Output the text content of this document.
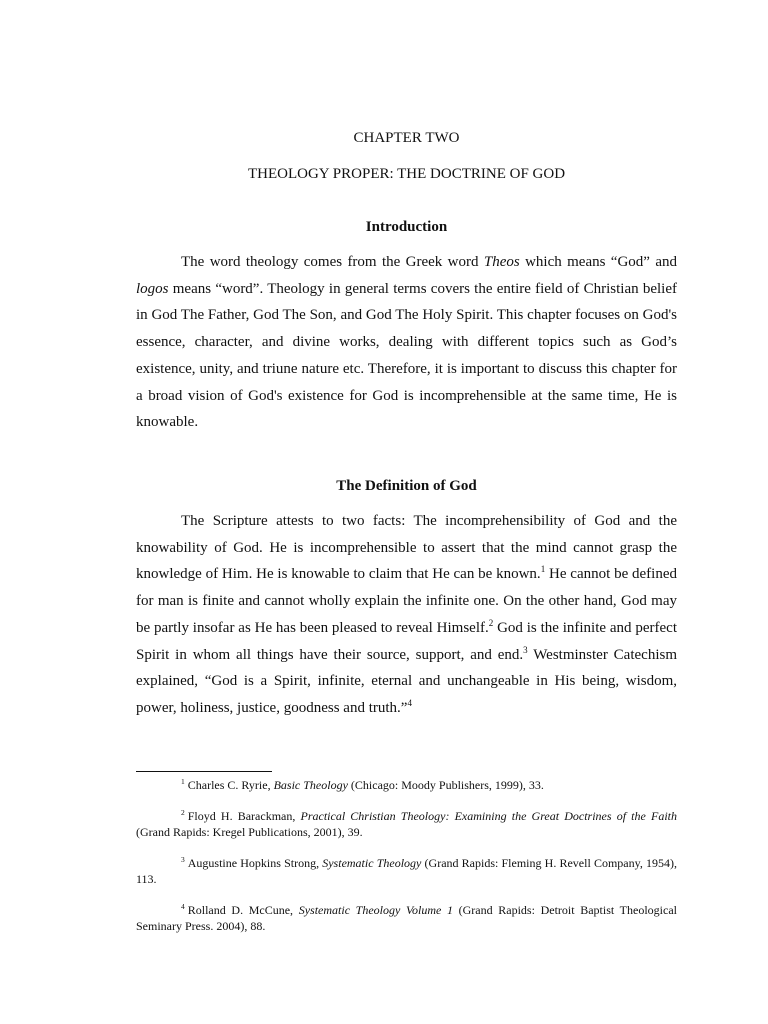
CHAPTER TWO
THEOLOGY PROPER: THE DOCTRINE OF GOD
Introduction

The word theology comes from the Greek word Theos which means “God” and logos means “word”. Theology in general terms covers the entire field of Christian belief in God The Father, God The Son, and God The Holy Spirit. This chapter focuses on God's essence, character, and divine works, dealing with different topics such as God’s existence, unity, and triune nature etc. Therefore, it is important to discuss this chapter for a broad vision of God's existence for God is incomprehensible at the same time, He is knowable.

The Definition of God

The Scripture attests to two facts: The incomprehensibility of God and the knowability of God. He is incomprehensible to assert that the mind cannot grasp the knowledge of Him. He is knowable to claim that He can be known.$^1$ He cannot be defined for man is finite and cannot wholly explain the infinite one. On the other hand, God may be partly insofar as He has been pleased to reveal Himself.$^2$ God is the infinite and perfect Spirit in whom all things have their source, support, and end.$^3$ Westminster Catechism explained, “God is a Spirit, infinite, eternal and unchangeable in His being, wisdom, power, holiness, justice, goodness and truth.”$^4$

$^1$ Charles C. Ryrie, Basic Theology (Chicago: Moody Publishers, 1999), 33.

$^2$ Floyd H. Barackman, Practical Christian Theology: Examining the Great Doctrines of the Faith (Grand Rapids: Kregel Publications, 2001), 39.

$^3$ Augustine Hopkins Strong, Systematic Theology (Grand Rapids: Fleming H. Revell Company, 1954), 113.

$^4$ Rolland D. McCune, Systematic Theology Volume 1 (Grand Rapids: Detroit Baptist Theological Seminary Press. 2004), 88.
